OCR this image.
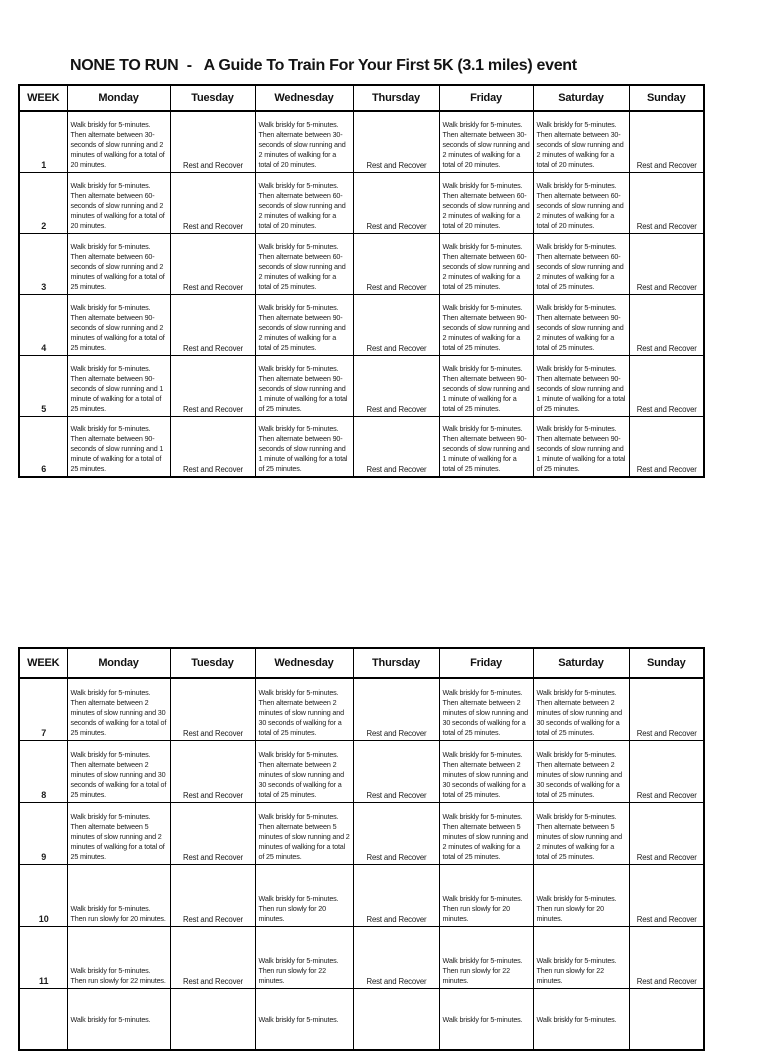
NONE TO RUN  -   A Guide To Train For Your First 5K (3.1 miles) event
WEEK	Monday	Tuesday	Wednesday	Thursday	Friday	Saturday	Sunday
1	Walk briskly for 5-minutes. Then alternate between 30-seconds of slow running and 2 minutes of walking for a total of 20 minutes.	Rest and Recover	Walk briskly for 5-minutes. Then alternate between 30-seconds of slow running and 2 minutes of walking for a total of 20 minutes.	Rest and Recover	Walk briskly for 5-minutes. Then alternate between 30-seconds of slow running and 2 minutes of walking for a total of 20 minutes.	Walk briskly for 5-minutes. Then alternate between 30-seconds of slow running and 2 minutes of walking for a total of 20 minutes.	Rest and Recover
2	Walk briskly for 5-minutes. Then alternate between 60-seconds of slow running and 2 minutes of walking for a total of 20 minutes.	Rest and Recover	Walk briskly for 5-minutes. Then alternate between 60-seconds of slow running and 2 minutes of walking for a total of 20 minutes.	Rest and Recover	Walk briskly for 5-minutes. Then alternate between 60-seconds of slow running and 2 minutes of walking for a total of 20 minutes.	Walk briskly for 5-minutes. Then alternate between 60-seconds of slow running and 2 minutes of walking for a total of 20 minutes.	Rest and Recover
3	Walk briskly for 5-minutes. Then alternate between 60-seconds of slow running and 2 minutes of walking for a total of 25 minutes.	Rest and Recover	Walk briskly for 5-minutes. Then alternate between 60-seconds of slow running and 2 minutes of walking for a total of 25 minutes.	Rest and Recover	Walk briskly for 5-minutes. Then alternate between 60-seconds of slow running and 2 minutes of walking for a total of 25 minutes.	Walk briskly for 5-minutes. Then alternate between 60-seconds of slow running and 2 minutes of walking for a total of 25 minutes.	Rest and Recover
4	Walk briskly for 5-minutes. Then alternate between 90-seconds of slow running and 2 minutes of walking for a total of 25 minutes.	Rest and Recover	Walk briskly for 5-minutes. Then alternate between 90-seconds of slow running and 2 minutes of walking for a total of 25 minutes.	Rest and Recover	Walk briskly for 5-minutes. Then alternate between 90-seconds of slow running and 2 minutes of walking for a total of 25 minutes.	Walk briskly for 5-minutes. Then alternate between 90-seconds of slow running and 2 minutes of walking for a total of 25 minutes.	Rest and Recover
5	Walk briskly for 5-minutes. Then alternate between 90-seconds of slow running and 1 minute of walking for a total of 25 minutes.	Rest and Recover	Walk briskly for 5-minutes. Then alternate between 90-seconds of slow running and 1 minute of walking for a total of 25 minutes.	Rest and Recover	Walk briskly for 5-minutes. Then alternate between 90-seconds of slow running and 1 minute of walking for a total of 25 minutes.	Walk briskly for 5-minutes. Then alternate between 90-seconds of slow running and 1 minute of walking for a total of 25 minutes.	Rest and Recover
6	Walk briskly for 5-minutes. Then alternate between 90-seconds of slow running and 1 minute of walking for a total of 25 minutes.	Rest and Recover	Walk briskly for 5-minutes. Then alternate between 90-seconds of slow running and 1 minute of walking for a total of 25 minutes.	Rest and Recover	Walk briskly for 5-minutes. Then alternate between 90-seconds of slow running and 1 minute of walking for a total of 25 minutes.	Walk briskly for 5-minutes. Then alternate between 90-seconds of slow running and 1 minute of walking for a total of 25 minutes.	Rest and Recover
WEEK	Monday	Tuesday	Wednesday	Thursday	Friday	Saturday	Sunday
7	Walk briskly for 5-minutes. Then alternate between 2 minutes of slow running and 30 seconds of walking for a total of 25 minutes.	Rest and Recover	Walk briskly for 5-minutes. Then alternate between 2 minutes of slow running and 30 seconds of walking for a total of 25 minutes.	Rest and Recover	Walk briskly for 5-minutes. Then alternate between 2 minutes of slow running and 30 seconds of walking for a total of 25 minutes.	Walk briskly for 5-minutes. Then alternate between 2 minutes of slow running and 30 seconds of walking for a total of 25 minutes.	Rest and Recover
8	Walk briskly for 5-minutes. Then alternate between 2 minutes of slow running and 30 seconds of walking for a total of 25 minutes.	Rest and Recover	Walk briskly for 5-minutes. Then alternate between 2 minutes of slow running and 30 seconds of walking for a total of 25 minutes.	Rest and Recover	Walk briskly for 5-minutes. Then alternate between 2 minutes of slow running and 30 seconds of walking for a total of 25 minutes.	Walk briskly for 5-minutes. Then alternate between 2 minutes of slow running and 30 seconds of walking for a total of 25 minutes.	Rest and Recover
9	Walk briskly for 5-minutes. Then alternate between 5 minutes of slow running and 2 minutes of walking for a total of 25 minutes.	Rest and Recover	Walk briskly for 5-minutes. Then alternate between 5 minutes of slow running and 2 minutes of walking for a total of 25 minutes.	Rest and Recover	Walk briskly for 5-minutes. Then alternate between 5 minutes of slow running and 2 minutes of walking for a total of 25 minutes.	Walk briskly for 5-minutes. Then alternate between 5 minutes of slow running and 2 minutes of walking for a total of 25 minutes.	Rest and Recover
10	Walk briskly for 5-minutes. Then run slowly for 20 minutes.	Rest and Recover	Walk briskly for 5-minutes. Then run slowly for 20 minutes.	Rest and Recover	Walk briskly for 5-minutes. Then run slowly for 20 minutes.	Walk briskly for 5-minutes. Then run slowly for 20 minutes.	Rest and Recover
11	Walk briskly for 5-minutes. Then run slowly for 22 minutes.	Rest and Recover	Walk briskly for 5-minutes. Then run slowly for 22 minutes.	Rest and Recover	Walk briskly for 5-minutes. Then run slowly for 22 minutes.	Walk briskly for 5-minutes. Then run slowly for 22 minutes.	Rest and Recover
	Walk briskly for 5-minutes.		Walk briskly for 5-minutes.		Walk briskly for 5-minutes.	Walk briskly for 5-minutes.	
